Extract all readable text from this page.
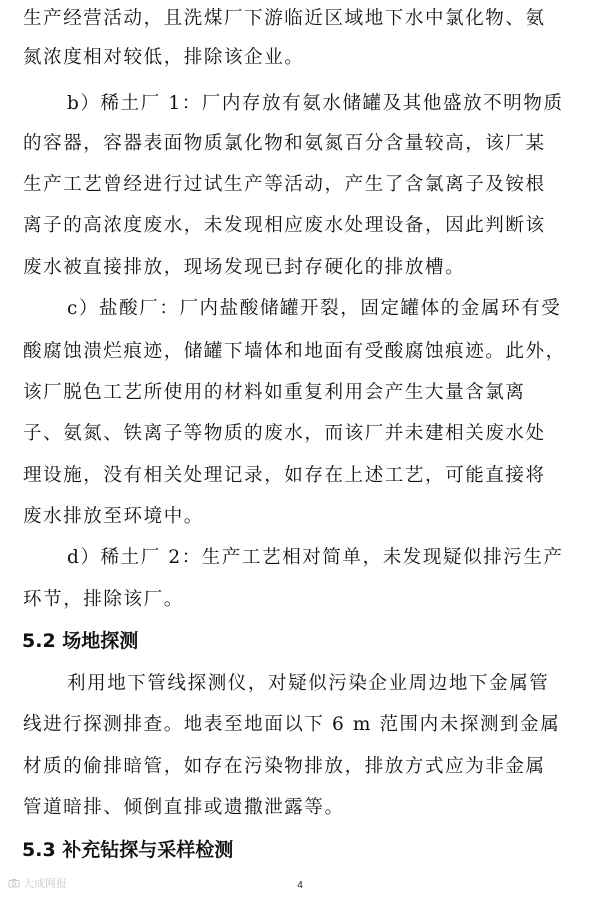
生产经营活动，且洗煤厂下游临近区域地下水中氯化物、氨
氮浓度相对较低，排除该企业。
b）稀土厂 1：厂内存放有氨水储罐及其他盛放不明物质
的容器，容器表面物质氯化物和氨氮百分含量较高，该厂某
生产工艺曾经进行过试生产等活动，产生了含氯离子及铵根
离子的高浓度废水，未发现相应废水处理设备，因此判断该
废水被直接排放，现场发现已封存硬化的排放槽。
c）盐酸厂：厂内盐酸储罐开裂，固定罐体的金属环有受
酸腐蚀溃烂痕迹，储罐下墙体和地面有受酸腐蚀痕迹。此外，
该厂脱色工艺所使用的材料如重复利用会产生大量含氯离
子、氨氮、铁离子等物质的废水，而该厂并未建相关废水处
理设施，没有相关处理记录，如存在上述工艺，可能直接将
废水排放至环境中。
d）稀土厂 2：生产工艺相对简单，未发现疑似排污生产
环节，排除该厂。
5.2 场地探测
利用地下管线探测仪，对疑似污染企业周边地下金属管
线进行探测排查。地表至地面以下 6 m 范围内未探测到金属
材质的偷排暗管，如存在污染物排放，排放方式应为非金属
管道暗排、倾倒直排或遗撒泄露等。
5.3 补充钻探与采样检测
大成网报	4
